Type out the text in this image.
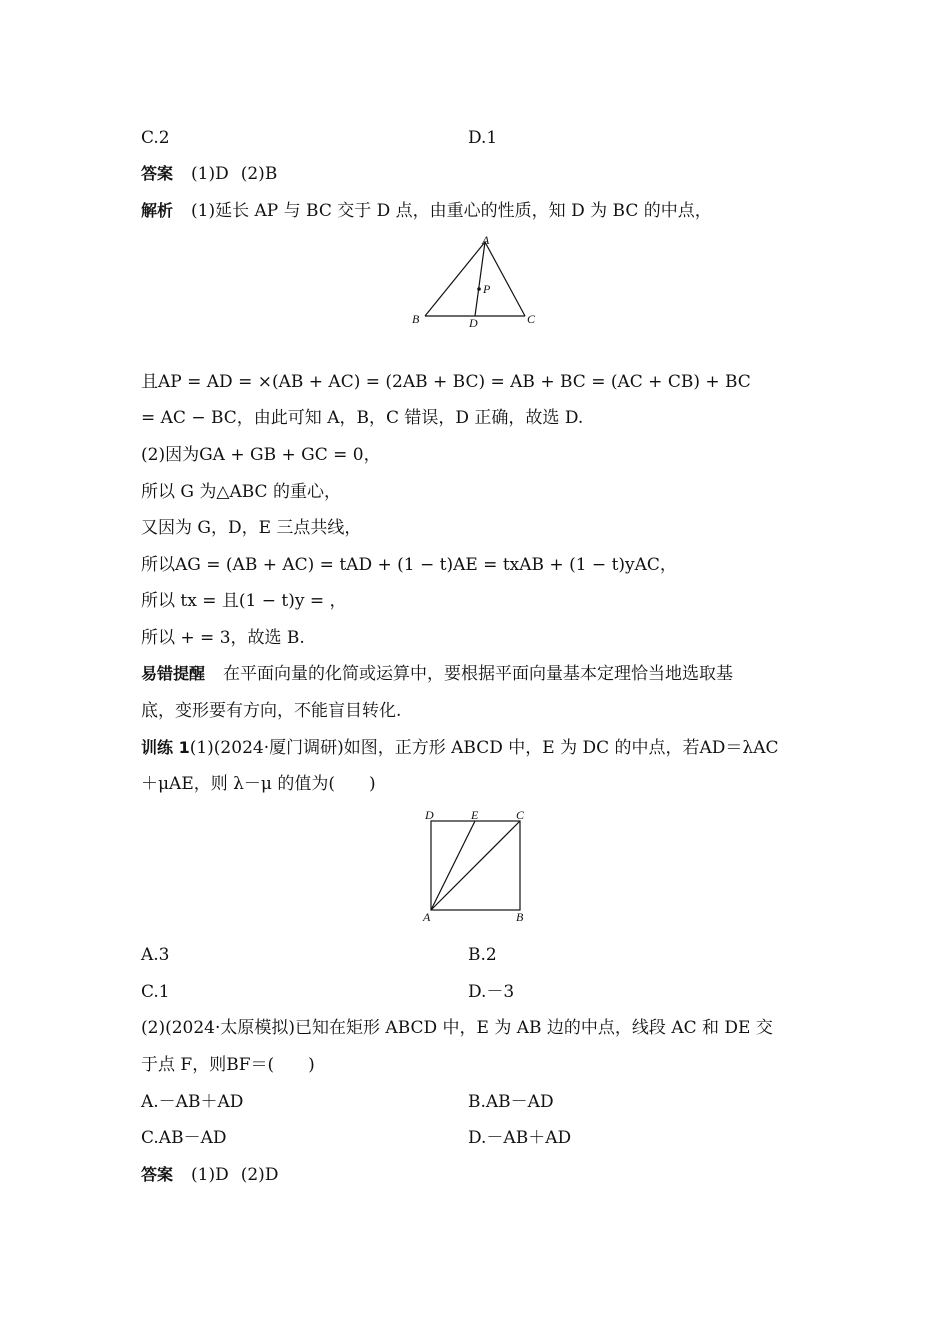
C.2	D.1
答案 (1)D (2)B
解析 (1)延长 AP 与 BC 交于 D 点，由重心的性质，知 D 为 BC 的中点，
A
B	C
D
P
且AP = AD = ×(AB + AC) = (2AB + BC) = AB + BC = (AC + CB) + BC
= AC − BC，由此可知 A，B，C 错误，D 正确，故选 D.
(2)因为GA + GB + GC = 0，
所以 G 为△ABC 的重心，
又因为 G，D，E 三点共线，
所以AG = (AB + AC) = tAD + (1 − t)AE = txAB + (1 − t)yAC，
所以 tx = 且(1 − t)y = ，
所以 + = 3，故选 B.
易错提醒 在平面向量的化简或运算中，要根据平面向量基本定理恰当地选取基
底，变形要有方向，不能盲目转化.
训练 1(1)(2024·厦门调研)如图，正方形 ABCD 中，E 为 DC 的中点，若AD＝λAC
＋μAE，则 λ－μ 的值为(　　)
D	E	C
A	B
A.3	B.2
C.1	D.－3
(2)(2024·太原模拟)已知在矩形 ABCD 中，E 为 AB 边的中点，线段 AC 和 DE 交
于点 F，则BF＝(　　)
A.－AB＋AD	B.AB－AD
C.AB－AD	D.－AB＋AD
答案 (1)D (2)D
